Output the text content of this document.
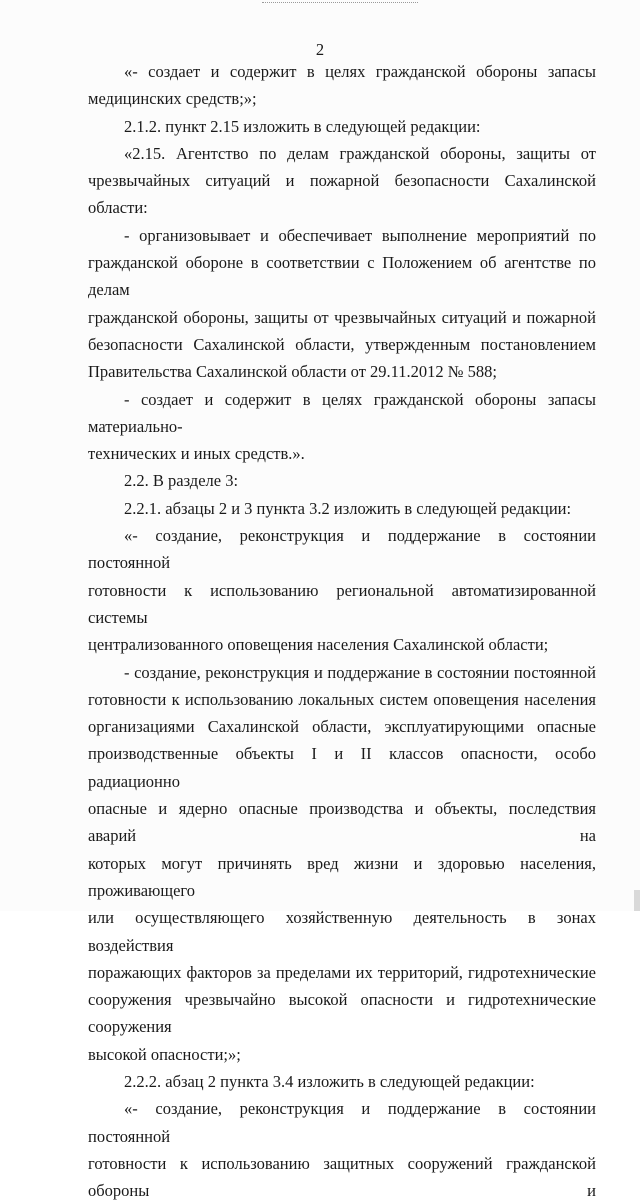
2

«- создает и содержит в целях гражданской обороны запасы

медицинских средств;»;

2.1.2. пункт 2.15 изложить в следующей редакции:

«2.15. Агентство по делам гражданской обороны, защиты от

чрезвычайных ситуаций и пожарной безопасности Сахалинской области:

- организовывает и обеспечивает выполнение мероприятий по

гражданской обороне в соответствии с Положением об агентстве по делам

гражданской обороны, защиты от чрезвычайных ситуаций и пожарной

безопасности Сахалинской области, утвержденным постановлением

Правительства Сахалинской области от 29.11.2012 № 588;

- создает и содержит в целях гражданской обороны запасы материально-

технических и иных средств.».

2.2. В разделе 3:

2.2.1. абзацы 2 и 3 пункта 3.2 изложить в следующей редакции:

«- создание, реконструкция и поддержание в состоянии постоянной

готовности к использованию региональной автоматизированной системы

централизованного оповещения населения Сахалинской области;

- создание, реконструкция и поддержание в состоянии постоянной

готовности к использованию локальных систем оповещения населения

организациями Сахалинской области, эксплуатирующими опасные

производственные объекты I и II классов опасности, особо радиационно

опасные и ядерно опасные производства и объекты, последствия аварий на

которых могут причинять вред жизни и здоровью населения, проживающего

или осуществляющего хозяйственную деятельность в зонах воздействия

поражающих факторов за пределами их территорий, гидротехнические

сооружения чрезвычайно высокой опасности и гидротехнические сооружения

высокой опасности;»;

2.2.2. абзац 2 пункта 3.4 изложить в следующей редакции:

«- создание, реконструкция и поддержание в состоянии постоянной

готовности к использованию защитных сооружений гражданской обороны и
